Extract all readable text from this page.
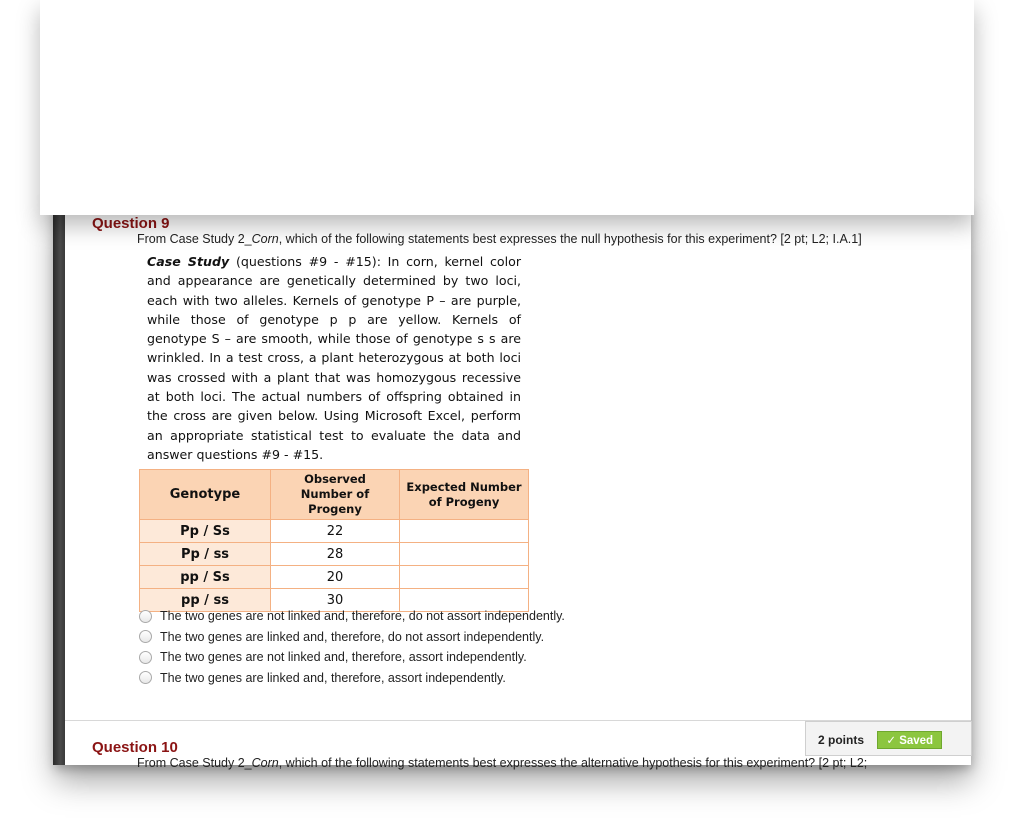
Question 9
From Case Study 2_Corn, which of the following statements best expresses the null hypothesis for this experiment? [2 pt; L2; I.A.1]
Case Study (questions #9 - #15): In corn, kernel color and appearance are genetically determined by two loci, each with two alleles. Kernels of genotype P – are purple, while those of genotype p p are yellow. Kernels of genotype S – are smooth, while those of genotype s s are wrinkled. In a test cross, a plant heterozygous at both loci was crossed with a plant that was homozygous recessive at both loci. The actual numbers of offspring obtained in the cross are given below. Using Microsoft Excel, perform an appropriate statistical test to evaluate the data and answer questions #9 - #15.
Genotype	Observed Number of Progeny	Expected Number of Progeny
Pp / Ss	22	
Pp / ss	28	
pp / Ss	20	
pp / ss	30	
The two genes are not linked and, therefore, do not assort independently.
The two genes are linked and, therefore, do not assort independently.
The two genes are not linked and, therefore, assort independently.
The two genes are linked and, therefore, assort independently.
2 points ✓ Saved
Question 10
From Case Study 2_Corn, which of the following statements best expresses the alternative hypothesis for this experiment? [2 pt; L2;
